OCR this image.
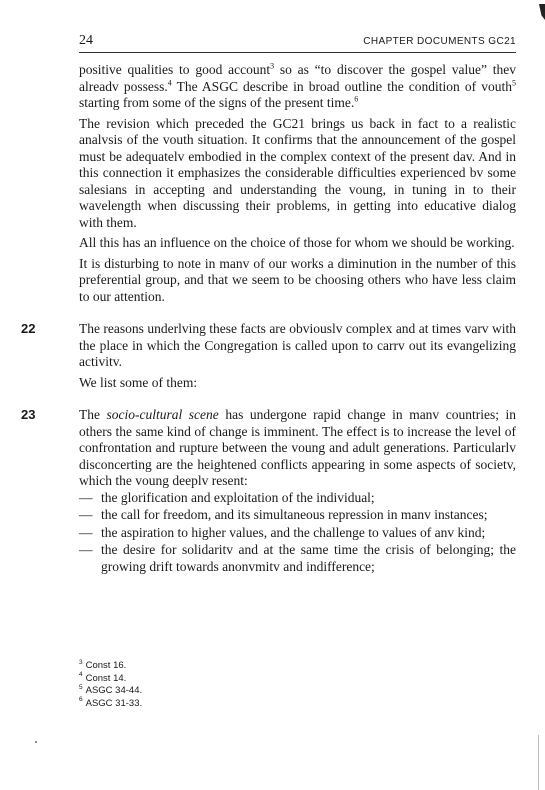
24	CHAPTER DOCUMENTS GC21

positive qualities to good account$^3$ so as “to discover the gospel value” thev alreadv possess.$^4$ The ASGC describe in broad outline the condition of vouth$^5$ starting from some of the signs of the present time.$^6$

The revision which preceded the GC21 brings us back in fact to a realistic analvsis of the vouth situation. It confirms that the announcement of the gospel must be adequatelv embodied in the complex context of the present dav. And in this connection it emphasizes the considerable difficulties experienced bv some salesians in accepting and understanding the voung, in tuning in to their wavelength when discussing their problems, in getting into educative dialog with them.

All this has an influence on the choice of those for whom we should be working.

It is disturbing to note in manv of our works a diminution in the number of this preferential group, and that we seem to be choosing others who have less claim to our attention.

22	The reasons underlving these facts are obviouslv complex and at times varv with the place in which the Congregation is called upon to carrv out its evangelizing activitv.

We list some of them:

23	The socio-cultural scene has undergone rapid change in manv countries; in others the same kind of change is imminent. The effect is to increase the level of confrontation and rupture between the voung and adult generations. Particularlv disconcerting are the heightened conflicts appearing in some aspects of societv, which the voung deeplv resent:

— the glorification and exploitation of the individual;
— the call for freedom, and its simultaneous repression in manv instances;
— the aspiration to higher values, and the challenge to values of anv kind;
— the desire for solidaritv and at the same time the crisis of belonging; the growing drift towards anonvmitv and indifference;
$^3$ Const 16.
$^4$ Const 14.
$^5$ ASGC 34-44.
$^6$ ASGC 31-33.
